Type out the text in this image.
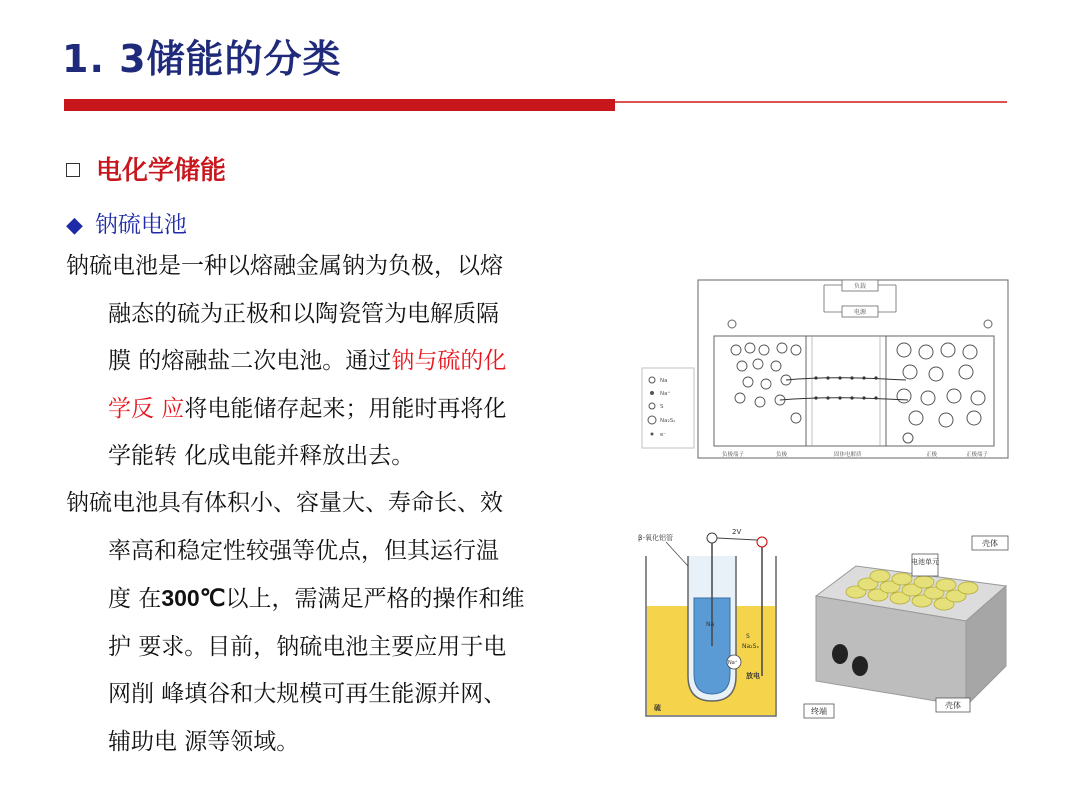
1. 3储能的分类
电化学储能
◆ 钠硫电池
钠硫电池是一种以熔融金属钠为负极，以熔
融态的硫为正极和以陶瓷管为电解质隔
膜 的熔融盐二次电池。通过钠与硫的化
学反 应将电能储存起来；用能时再将化
学能转 化成电能并释放出去。
钠硫电池具有体积小、容量大、寿命长、效
率高和稳定性较强等优点，但其运行温
度 在300℃以上，需满足严格的操作和维
护 要求。目前，钠硫电池主要应用于电
网削 峰填谷和大规模可再生能源并网、
辅助电 源等领域。
负载
电源
Na
Na⁺
S
Na₂Sₓ
e⁻
负极端子	负极	固体电解质	正极	正极端子
2V
β-氧化铝管
Na
S
Na₂Sₓ
Na⁺
放电
硫
壳体
电池单元
终端
壳体
